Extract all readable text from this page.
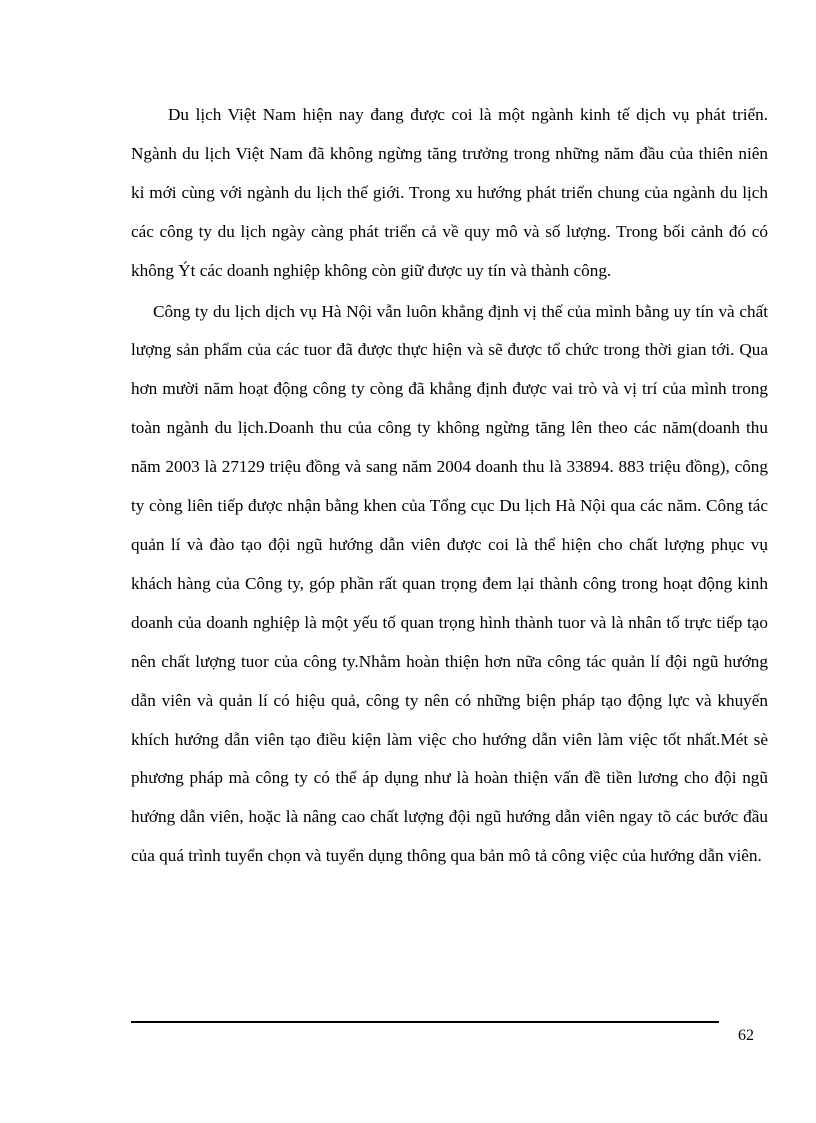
Du lịch Việt Nam hiện nay đang được coi là một ngành kinh tế dịch vụ phát triển. Ngành du lịch Việt Nam đã không ngừng tăng trưởng trong những năm đầu của thiên niên kỉ mới cùng với ngành du lịch thế giới. Trong xu hướng phát triển chung của ngành du lịch các công ty du lịch ngày càng phát triển cả về quy mô và số lượng. Trong bối cảnh đó có không Ýt các doanh nghiệp không còn giữ được uy tín và thành công.

Công ty du lịch dịch vụ Hà Nội vẫn luôn khẳng định vị thế của mình bằng uy tín và chất lượng sản phẩm của các tuor đã được thực hiện và sẽ được tổ chức trong thời gian tới. Qua hơn mười năm hoạt động công ty còng đã khẳng định được vai trò và vị trí của mình trong toàn ngành du lịch.Doanh thu của công ty không ngừng tăng lên theo các năm(doanh thu năm 2003 là 27129 triệu đồng và sang năm 2004 doanh thu là 33894. 883 triệu đồng), công ty còng liên tiếp được nhận bằng khen của Tổng cục Du lịch Hà Nội qua các năm. Công tác quản lí và đào tạo đội ngũ hướng dẫn viên được coi là thể hiện cho chất lượng phục vụ khách hàng của Công ty, góp phần rất quan trọng đem lại thành công trong hoạt động kinh doanh của doanh nghiệp là một yếu tố quan trọng hình thành tuor và là nhân tố trực tiếp tạo nên chất lượng tuor của công ty.Nhằm hoàn thiện hơn nữa công tác quản lí đội ngũ hướng dẫn viên và quản lí có hiệu quả, công ty nên có những biện pháp tạo động lực và khuyến khích hướng dẫn viên tạo điều kiện làm việc cho hướng dẫn viên làm việc tốt nhất.Mét sè phương pháp mà công ty có thể áp dụng như là hoàn thiện vấn đề tiền lương cho đội ngũ hướng dẫn viên, hoặc là nâng cao chất lượng đội ngũ hướng dẫn viên ngay tõ các bước đầu của quá trình tuyển chọn và tuyển dụng thông qua bản mô tả công việc của hướng dẫn viên.

62
